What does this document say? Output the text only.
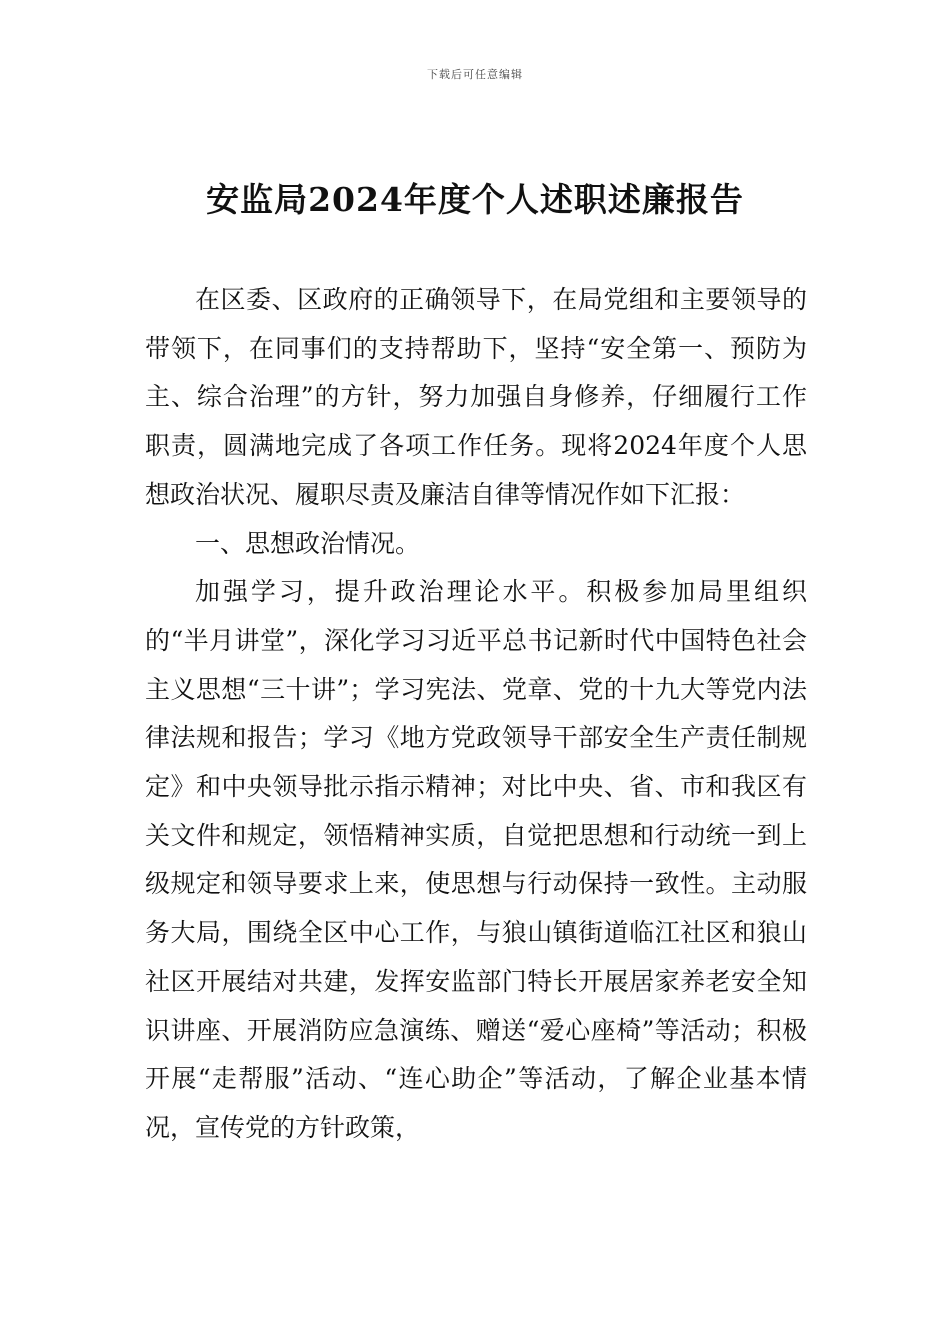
下载后可任意编辑
安监局2024年度个人述职述廉报告

在区委、区政府的正确领导下，在局党组和主要领导的带领下，在同事们的支持帮助下，坚持“安全第一、预防为主、综合治理”的方针，努力加强自身修养，仔细履行工作职责，圆满地完成了各项工作任务。现将2024年度个人思想政治状况、履职尽责及廉洁自律等情况作如下汇报：

一、思想政治情况。

加强学习，提升政治理论水平。积极参加局里组织的“半月讲堂”，深化学习习近平总书记新时代中国特色社会主义思想“三十讲”；学习宪法、党章、党的十九大等党内法律法规和报告；学习《地方党政领导干部安全生产责任制规定》和中央领导批示指示精神；对比中央、省、市和我区有关文件和规定，领悟精神实质，自觉把思想和行动统一到上级规定和领导要求上来，使思想与行动保持一致性。主动服务大局，围绕全区中心工作，与狼山镇街道临江社区和狼山社区开展结对共建，发挥安监部门特长开展居家养老安全知识讲座、开展消防应急演练、赠送“爱心座椅”等活动；积极开展“走帮服”活动、“连心助企”等活动，了解企业基本情况，宣传党的方针政策，
